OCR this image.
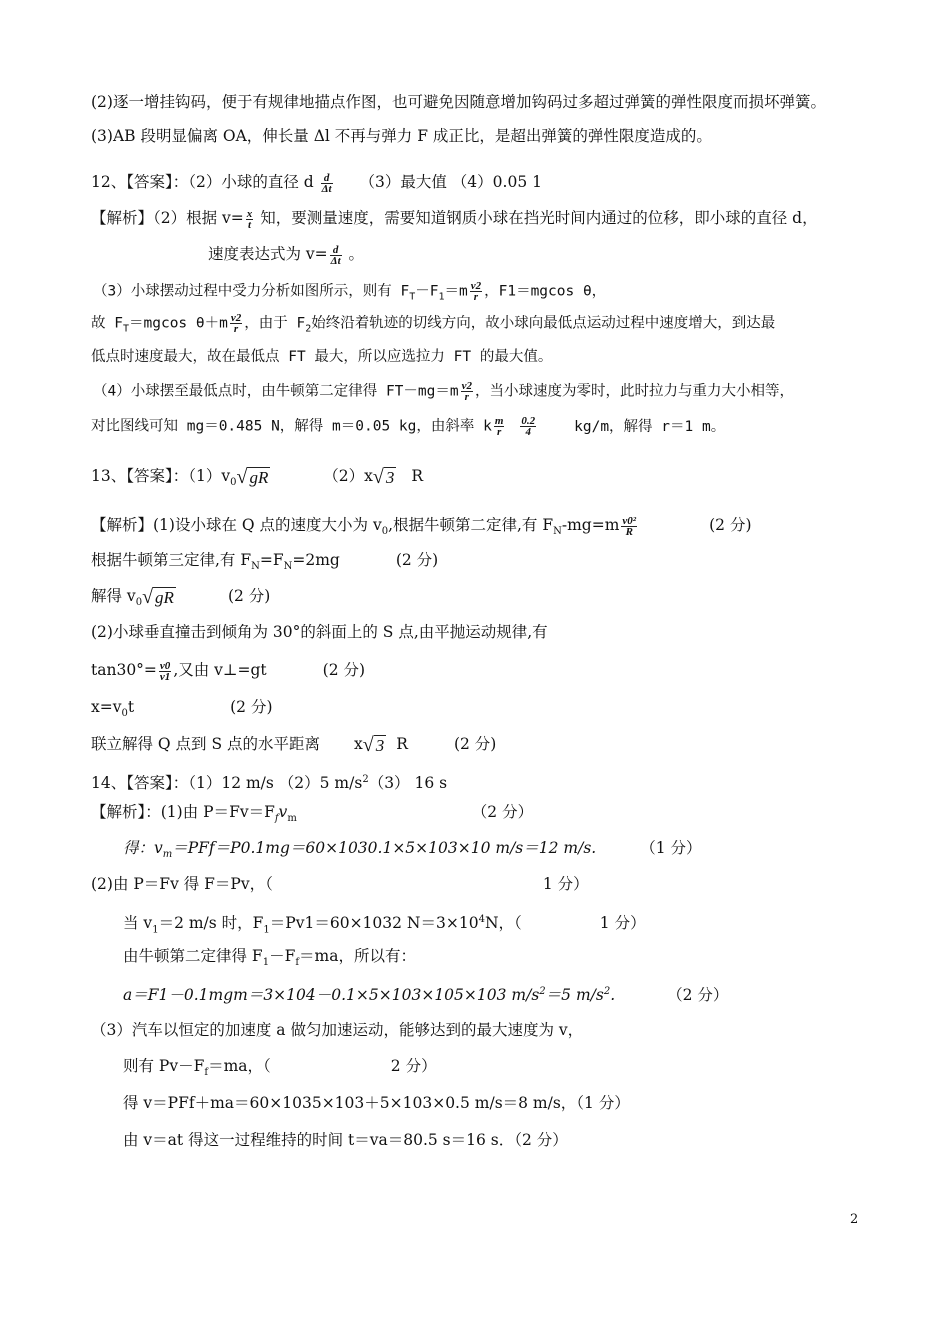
(2)逐一增挂钩码，便于有规律地描点作图，也可避免因随意增加钩码过多超过弹簧的弹性限度而损坏弹簧。
(3)AB 段明显偏离 OA，伸长量 Δl 不再与弹力 F 成正比，是超出弹簧的弹性限度造成的。
12、【答案】：（2）小球的直径 d $\frac{d}{\Delta t} (3)$最大值 （4）0.05 1
【解析】（2）根据 $v= \frac{x}{t}$ 知，要测量速度，需要知道钢质小球在挡光时间内通过的位移，即小球的直径 d，
速度表达式为 $v= \frac{d}{\Delta t}$ 。
（3）小球摆动过程中受力分析如图所示，则有 $F_T-F_1=m \frac{v2}{r}$ ，F1＝mgcos θ，
故 $F_T=mgcos$ $\theta+m \frac{v2}{r}$ ，由于 $F_2$始终沿着轨迹的切线方向，故小球向最低点运动过程中速度增大，到达最
低点时速度最大，故在最低点 FT 最大，所以应选拉力 FT 的最大值。
（4）小球摆至最低点时，由牛顿第二定律得 $FT-mg=m \frac{v2}{r}$ ，当小球速度为零时，此时拉力与重力大小相等，
对比图线可知 mg＝0.485 N，解得 m＝0.05 kg，由斜率 k $\frac{m}{r} \frac{0.2}{4}$	kg/m，解得 r＝1 m。
13、【答案】：$(1)v_0√$ gR	（2）x√ 3 R
【解析】(1)设小球在 Q 点的速度大小为 $v_0$,根据牛顿第二定律,有 $F_N-mg=m \frac{\text{v0²}}{R}$	(2 分)
根据牛顿第三定律,有 $F_N=F_N=2mg$	(2 分)
解得 $v_0√$ gR	(2 分)
(2)小球垂直撞击到倾角为 30°的斜面上的 S 点,由平抛运动规律,有
$\tan 30^\circ= \frac{v0}{v1}$ ,又由 v⊥=gt	(2 分)
$x=v_0t$	(2 分)
联立解得 Q 点到 S 点的水平距离 x√ 3 R	(2 分)
14、【答案】：（1）12 m/s （2）5 $m/s^2(3)$ 16 s
【解析】：(1)由 $P=Fv=F_fv_m$	（2 分）
得：$v_m=PFf=P0.1mg=60\times 1030.1\times 5\times 103\times 10$ m/s＝12 m/s.	（1 分）
(2)由 P＝Fv 得 F＝Pv，（	1 分）
当 $v_1=2$ m/s 时，$F_1=Pv1=60\times 1032$ $N=3\times 10^4N$，（	1 分）
由牛顿第二定律得 $F_1-F_f=ma$，所以有：
a＝F1－0.1mgm＝3×104－0.1×5×103×105×103 $m/s^2=5$ $m/s^2$.	（2 分）
（3）汽车以恒定的加速度 a 做匀加速运动，能够达到的最大速度为 v，
则有 $Pv-F_f=ma$，（	2 分）
得 v＝PFf＋ma＝60×1035×103＋5×103×0.5 m/s＝8 m/s，（1 分）
由 v＝at 得这一过程维持的时间 t＝va＝80.5 s＝16 s．（2 分）
2
